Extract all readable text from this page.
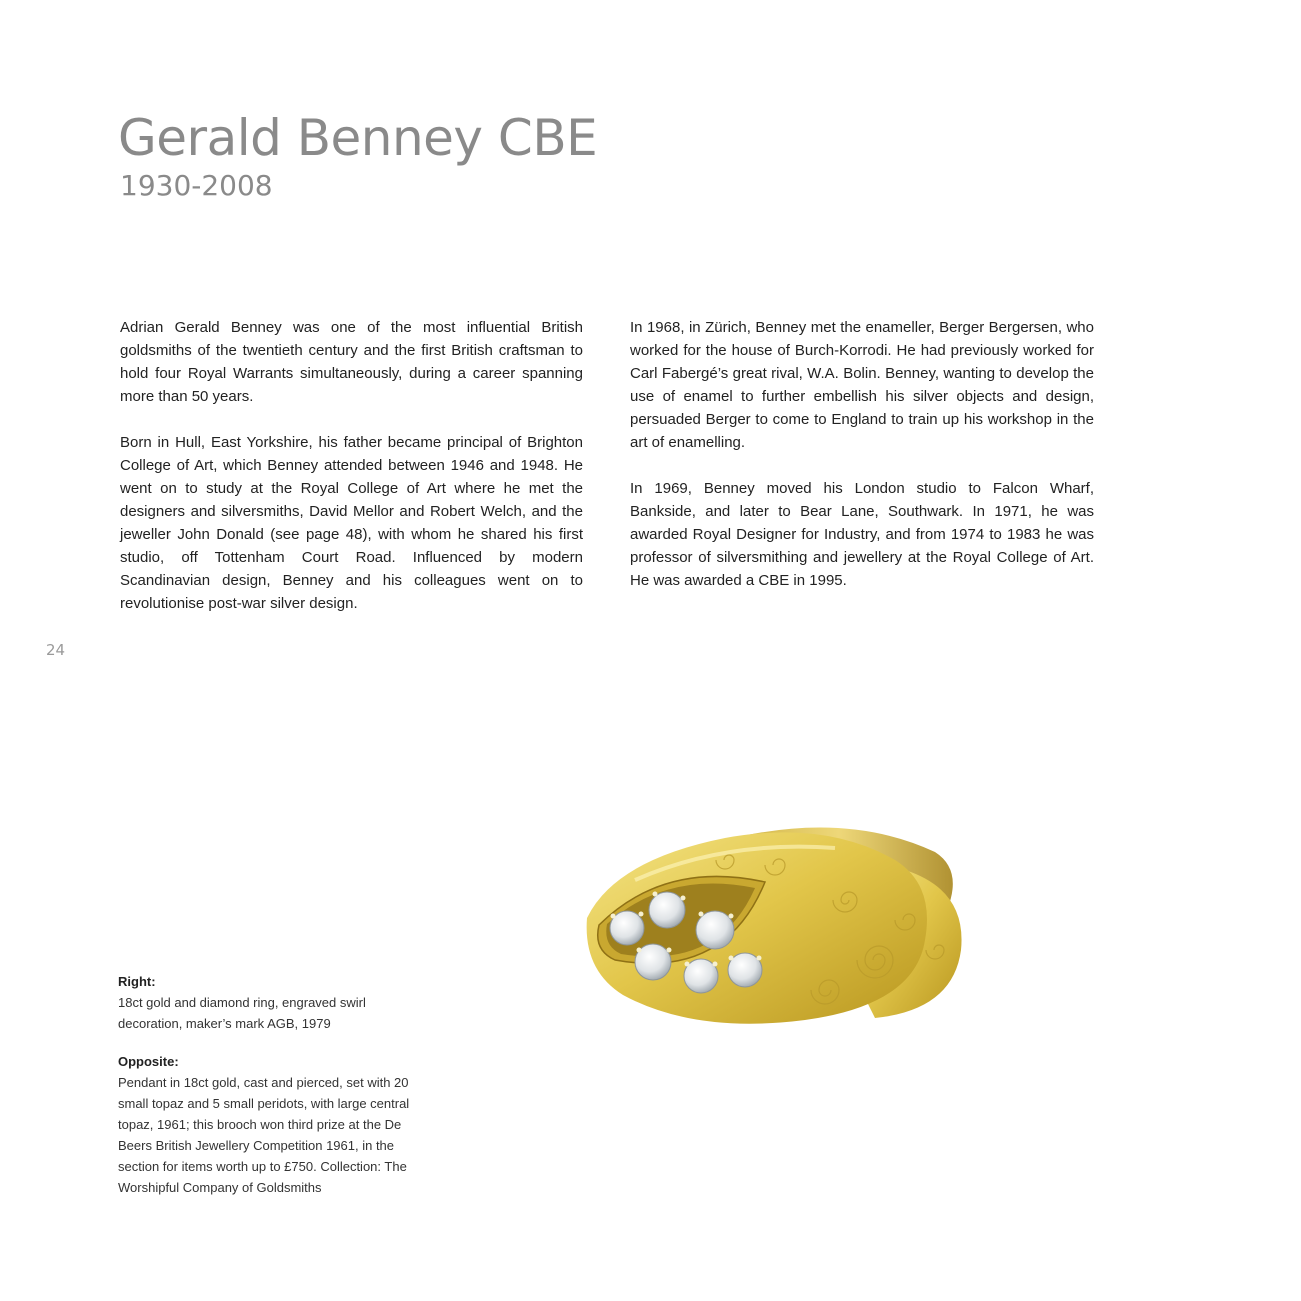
Gerald Benney CBE
1930-2008

Adrian Gerald Benney was one of the most influential British goldsmiths of the twentieth century and the first British craftsman to hold four Royal Warrants simultaneously, during a career spanning more than 50 years.

Born in Hull, East Yorkshire, his father became principal of Brighton College of Art, which Benney attended between 1946 and 1948. He went on to study at the Royal College of Art where he met the designers and silversmiths, David Mellor and Robert Welch, and the jeweller John Donald (see page 48), with whom he shared his first studio, off Tottenham Court Road. Influenced by modern Scandinavian design, Benney and his colleagues went on to revolutionise post-war silver design.

In 1968, in Zürich, Benney met the enameller, Berger Bergersen, who worked for the house of Burch-Korrodi. He had previously worked for Carl Fabergé’s great rival, W.A. Bolin. Benney, wanting to develop the use of enamel to further embellish his silver objects and design, persuaded Berger to come to England to train up his workshop in the art of enamelling.

In 1969, Benney moved his London studio to Falcon Wharf, Bankside, and later to Bear Lane, Southwark. In 1971, he was awarded Royal Designer for Industry, and from 1974 to 1983 he was professor of silversmithing and jewellery at the Royal College of Art. He was awarded a CBE in 1995.

24
Right:
18ct gold and diamond ring, engraved swirl decoration, maker’s mark AGB, 1979
Opposite:
Pendant in 18ct gold, cast and pierced, set with 20 small topaz and 5 small peridots, with large central topaz, 1961; this brooch won third prize at the De Beers British Jewellery Competition 1961, in the section for items worth up to £750. Collection: The Worshipful Company of Goldsmiths
